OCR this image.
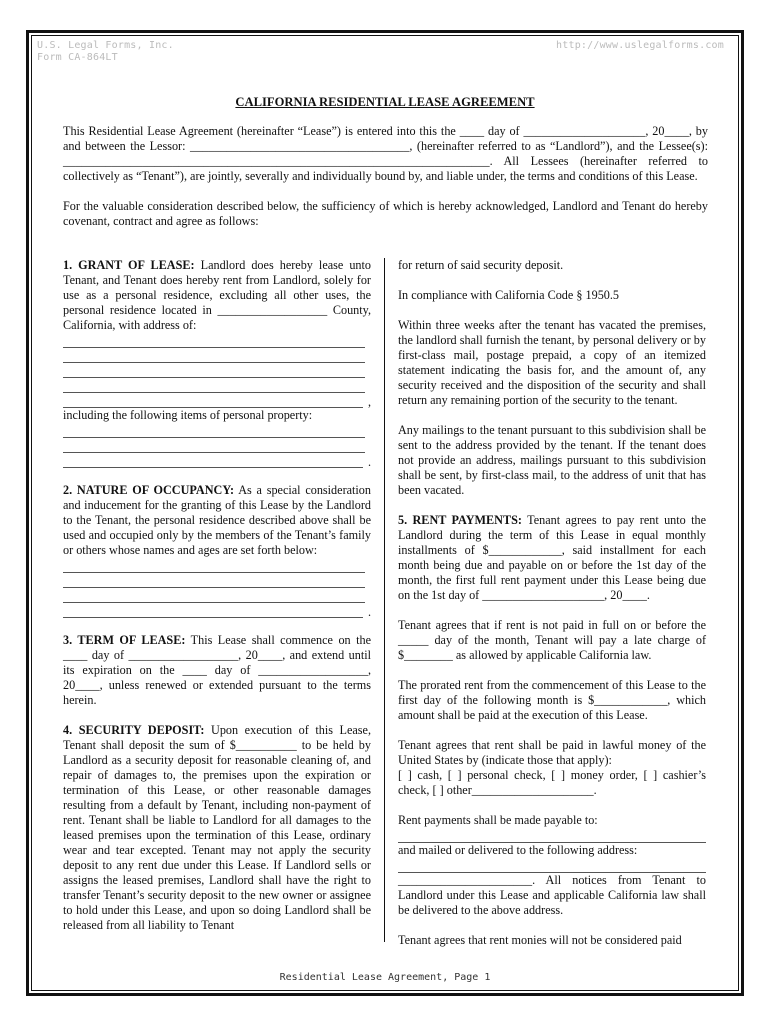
U.S. Legal Forms, Inc.
Form CA-864LT
http://www.uslegalforms.com
CALIFORNIA RESIDENTIAL LEASE AGREEMENT

This Residential Lease Agreement (hereinafter “Lease”) is entered into this the ____ day of ____________________, 20____, by and between the Lessor: ____________________________________, (hereinafter referred to as “Landlord”), and the Lessee(s): ______________________________________________________________________. All Lessees (hereinafter referred to collectively as “Tenant”), are jointly, severally and individually bound by, and liable under, the terms and conditions of this Lease.

For the valuable consideration described below, the sufficiency of which is hereby acknowledged, Landlord and Tenant do hereby covenant, contract and agree as follows:

1. GRANT OF LEASE: Landlord does hereby lease unto Tenant, and Tenant does hereby rent from Landlord, solely for use as a personal residence, excluding all other uses, the personal residence located in __________________ County, California, with address of:
,
including the following items of personal property:
.
2. NATURE OF OCCUPANCY: As a special consideration and inducement for the granting of this Lease by the Landlord to the Tenant, the personal residence described above shall be used and occupied only by the members of the Tenant’s family or others whose names and ages are set forth below:
.

3. TERM OF LEASE: This Lease shall commence on the ____ day of __________________, 20____, and extend until its expiration on the ____ day of __________________, 20____, unless renewed or extended pursuant to the terms herein.

4. SECURITY DEPOSIT: Upon execution of this Lease, Tenant shall deposit the sum of $__________ to be held by Landlord as a security deposit for reasonable cleaning of, and repair of damages to, the premises upon the expiration or termination of this Lease, or other reasonable damages resulting from a default by Tenant, including non-payment of rent. Tenant shall be liable to Landlord for all damages to the leased premises upon the termination of this Lease, ordinary wear and tear excepted. Tenant may not apply the security deposit to any rent due under this Lease. If Landlord sells or assigns the leased premises, Landlord shall have the right to transfer Tenant’s security deposit to the new owner or assignee to hold under this Lease, and upon so doing Landlord shall be released from all liability to Tenant

for return of said security deposit.

In compliance with California Code § 1950.5

Within three weeks after the tenant has vacated the premises, the landlord shall furnish the tenant, by personal delivery or by first-class mail, postage prepaid, a copy of an itemized statement indicating the basis for, and the amount of, any security received and the disposition of the security and shall return any remaining portion of the security to the tenant.

Any mailings to the tenant pursuant to this subdivision shall be sent to the address provided by the tenant. If the tenant does not provide an address, mailings pursuant to this subdivision shall be sent, by first-class mail, to the address of unit that has been vacated.

5. RENT PAYMENTS: Tenant agrees to pay rent unto the Landlord during the term of this Lease in equal monthly installments of $____________, said installment for each month being due and payable on or before the 1st day of the month, the first full rent payment under this Lease being due on the 1st day of ____________________, 20____.

Tenant agrees that if rent is not paid in full on or before the _____ day of the month, Tenant will pay a late charge of $________ as allowed by applicable California law.

The prorated rent from the commencement of this Lease to the first day of the following month is $____________, which amount shall be paid at the execution of this Lease.

Tenant agrees that rent shall be paid in lawful money of the United States by (indicate those that apply):

[ ] cash, [ ] personal check, [ ] money order, [ ] cashier’s check, [ ] other____________________.

Rent payments shall be made payable to:
and mailed or delivered to the following address:

______________________. All notices from Tenant to Landlord under this Lease and applicable California law shall be delivered to the above address.

Tenant agrees that rent monies will not be considered paid

Residential Lease Agreement, Page 1
